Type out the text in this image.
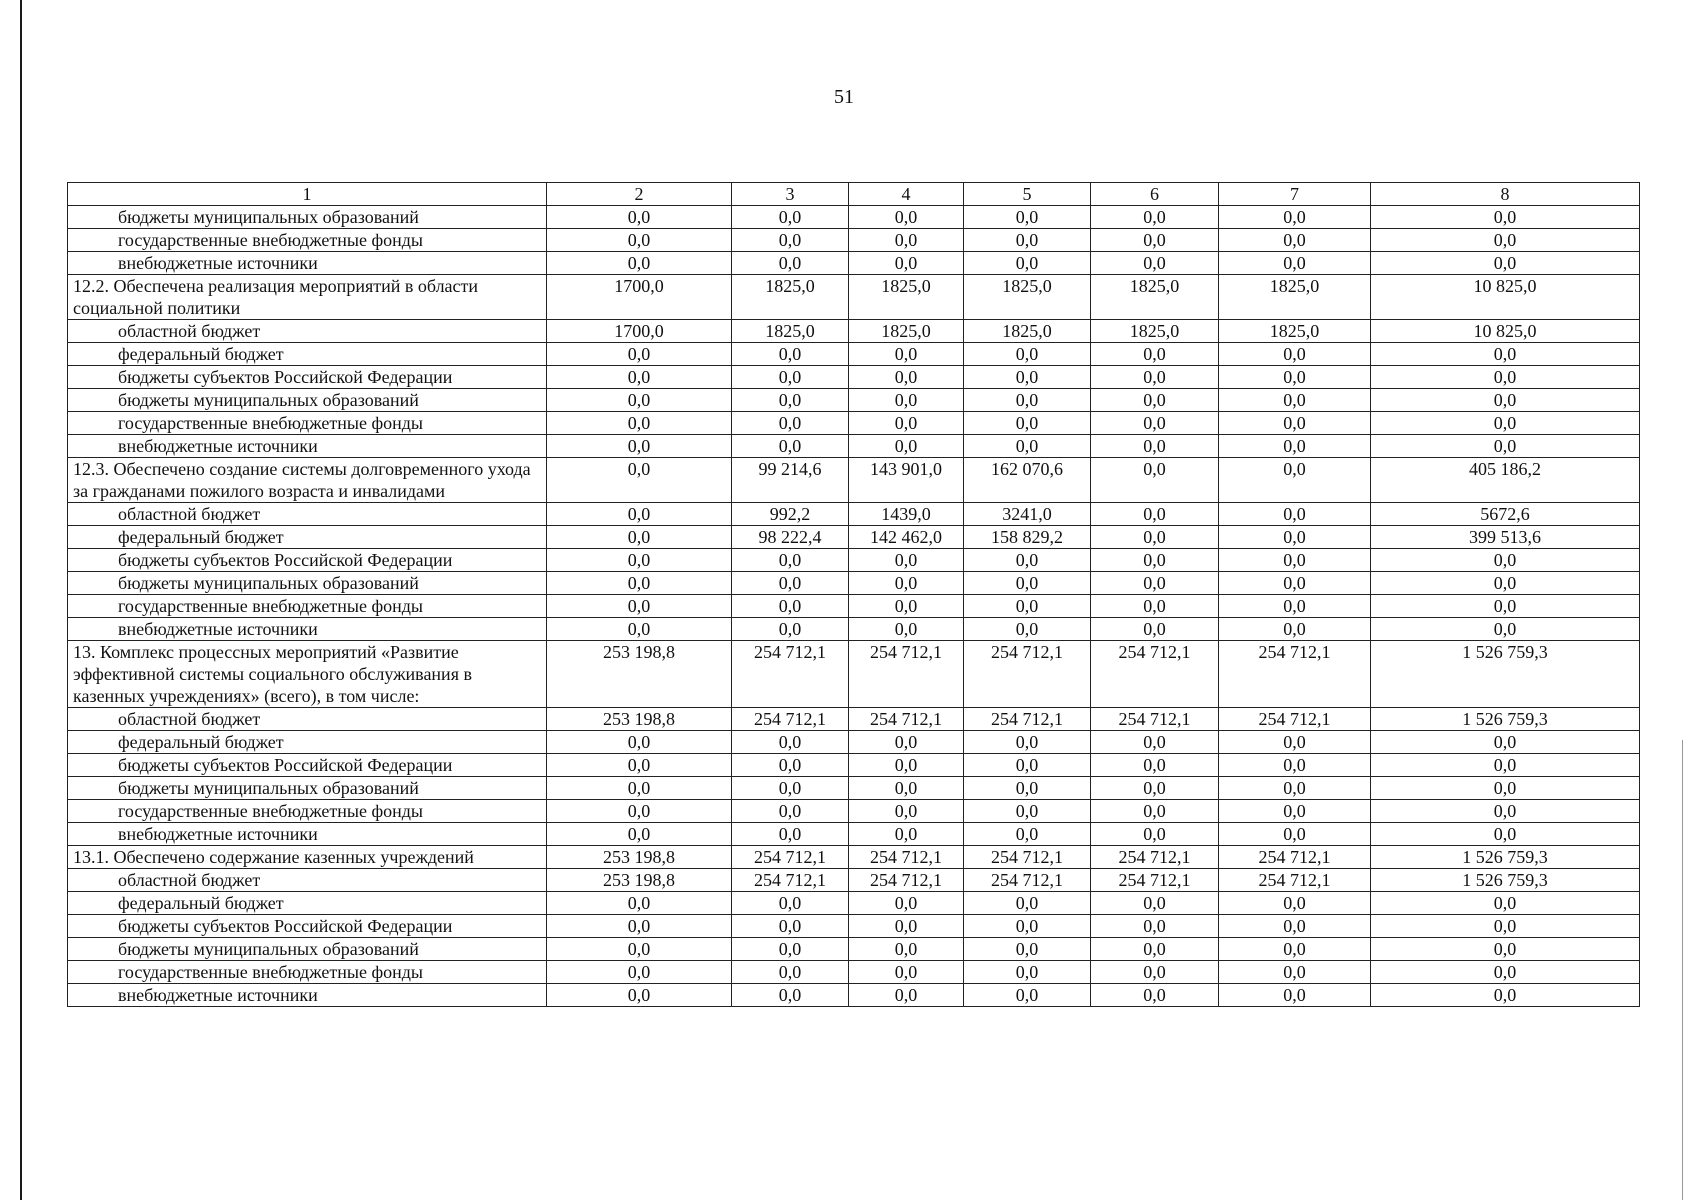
51
1	2	3	4	5	6	7	8
бюджеты муниципальных образований	0,0	0,0	0,0	0,0	0,0	0,0	0,0
государственные внебюджетные фонды	0,0	0,0	0,0	0,0	0,0	0,0	0,0
внебюджетные источники	0,0	0,0	0,0	0,0	0,0	0,0	0,0
12.2. Обеспечена реализация мероприятий в области социальной политики	1700,0	1825,0	1825,0	1825,0	1825,0	1825,0	10 825,0
областной бюджет	1700,0	1825,0	1825,0	1825,0	1825,0	1825,0	10 825,0
федеральный бюджет	0,0	0,0	0,0	0,0	0,0	0,0	0,0
бюджеты субъектов Российской Федерации	0,0	0,0	0,0	0,0	0,0	0,0	0,0
бюджеты муниципальных образований	0,0	0,0	0,0	0,0	0,0	0,0	0,0
государственные внебюджетные фонды	0,0	0,0	0,0	0,0	0,0	0,0	0,0
внебюджетные источники	0,0	0,0	0,0	0,0	0,0	0,0	0,0
12.3. Обеспечено создание системы долговременного ухода за гражданами пожилого возраста и инвалидами	0,0	99 214,6	143 901,0	162 070,6	0,0	0,0	405 186,2
областной бюджет	0,0	992,2	1439,0	3241,0	0,0	0,0	5672,6
федеральный бюджет	0,0	98 222,4	142 462,0	158 829,2	0,0	0,0	399 513,6
бюджеты субъектов Российской Федерации	0,0	0,0	0,0	0,0	0,0	0,0	0,0
бюджеты муниципальных образований	0,0	0,0	0,0	0,0	0,0	0,0	0,0
государственные внебюджетные фонды	0,0	0,0	0,0	0,0	0,0	0,0	0,0
внебюджетные источники	0,0	0,0	0,0	0,0	0,0	0,0	0,0
13. Комплекс процессных мероприятий «Развитие эффективной системы социального обслуживания в казенных учреждениях» (всего), в том числе:	253 198,8	254 712,1	254 712,1	254 712,1	254 712,1	254 712,1	1 526 759,3
областной бюджет	253 198,8	254 712,1	254 712,1	254 712,1	254 712,1	254 712,1	1 526 759,3
федеральный бюджет	0,0	0,0	0,0	0,0	0,0	0,0	0,0
бюджеты субъектов Российской Федерации	0,0	0,0	0,0	0,0	0,0	0,0	0,0
бюджеты муниципальных образований	0,0	0,0	0,0	0,0	0,0	0,0	0,0
государственные внебюджетные фонды	0,0	0,0	0,0	0,0	0,0	0,0	0,0
внебюджетные источники	0,0	0,0	0,0	0,0	0,0	0,0	0,0
13.1. Обеспечено содержание казенных учреждений	253 198,8	254 712,1	254 712,1	254 712,1	254 712,1	254 712,1	1 526 759,3
областной бюджет	253 198,8	254 712,1	254 712,1	254 712,1	254 712,1	254 712,1	1 526 759,3
федеральный бюджет	0,0	0,0	0,0	0,0	0,0	0,0	0,0
бюджеты субъектов Российской Федерации	0,0	0,0	0,0	0,0	0,0	0,0	0,0
бюджеты муниципальных образований	0,0	0,0	0,0	0,0	0,0	0,0	0,0
государственные внебюджетные фонды	0,0	0,0	0,0	0,0	0,0	0,0	0,0
внебюджетные источники	0,0	0,0	0,0	0,0	0,0	0,0	0,0
